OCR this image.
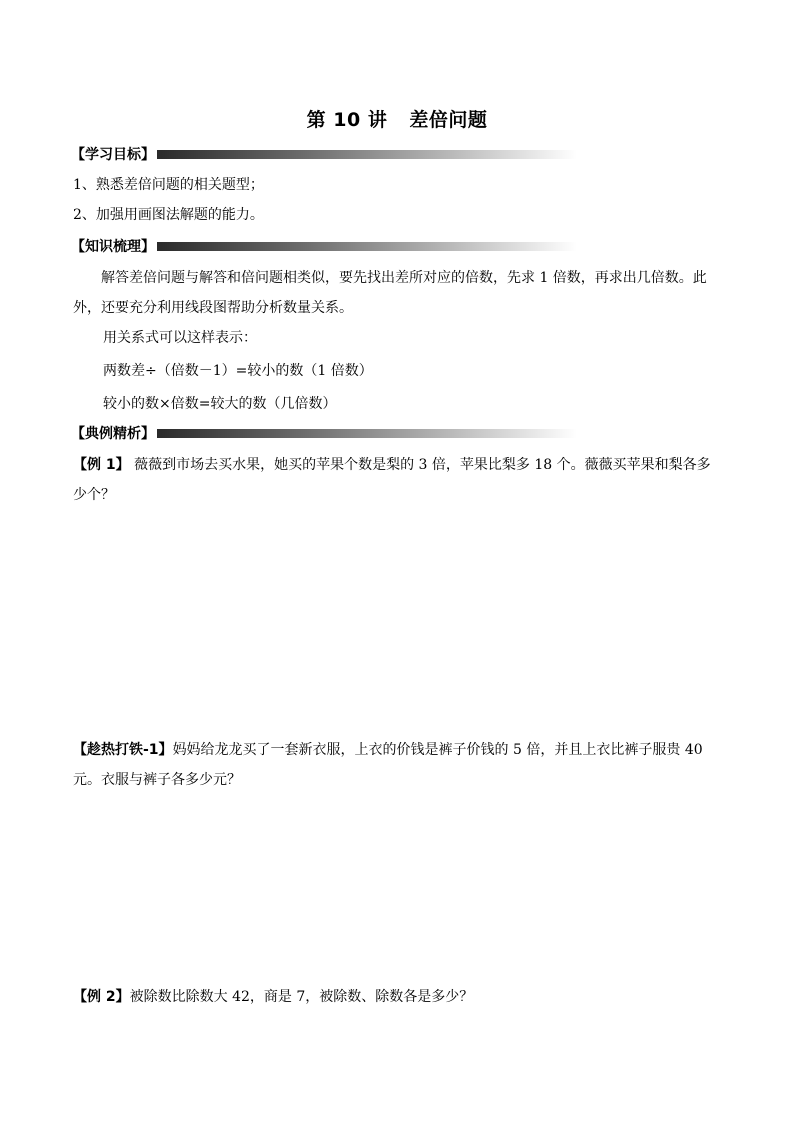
第 10 讲 差倍问题
【学习目标】
1、熟悉差倍问题的相关题型；
2、加强用画图法解题的能力。
【知识梳理】
解答差倍问题与解答和倍问题相类似，要先找出差所对应的倍数，先求 1 倍数，再求出几倍数。此外，还要充分利用线段图帮助分析数量关系。
用关系式可以这样表示：
两数差÷（倍数－1）=较小的数（1 倍数）
较小的数×倍数=较大的数（几倍数）
【典例精析】
【例 1】 薇薇到市场去买水果，她买的苹果个数是梨的 3 倍，苹果比梨多 18 个。薇薇买苹果和梨各多少个？
【趁热打铁-1】妈妈给龙龙买了一套新衣服，上衣的价钱是裤子价钱的 5 倍，并且上衣比裤子服贵 40 元。衣服与裤子各多少元？
【例 2】被除数比除数大 42，商是 7，被除数、除数各是多少？
